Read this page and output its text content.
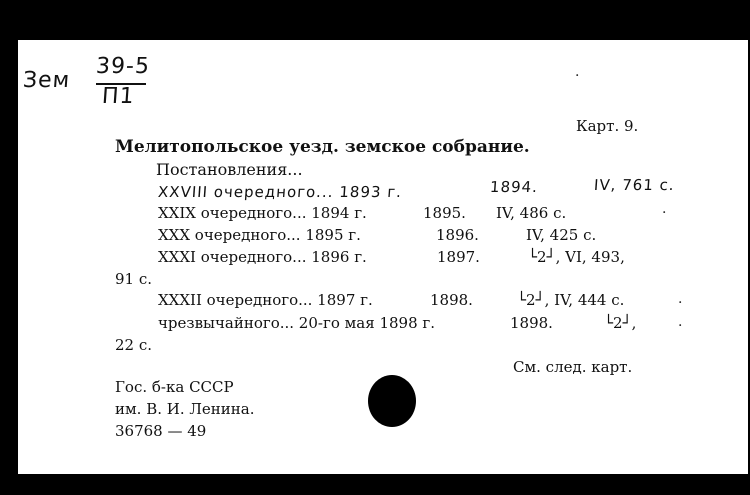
Зем
39-5
П1
Карт. 9.
Мелитопольское уезд. земское собрание.
Постановления...
XXVIII очередного... 1893 г.	1894.	IV, 761 с.
XXIX очередного... 1894 г.	1895. IV, 486 с.
XXX очередного... 1895 г.	1896.	IV, 425 с.
XXXI очередного... 1896 г.	1897.	└2┘, VI, 493,
91 с.
XXXII очередного... 1897 г.	1898.	└2┘, IV, 444 с.
чрезвычайного... 20-го мая 1898 г.	1898.	└2┘,
22 с.
См. след. карт.
Гос. б-ка СССР
им. В. И. Ленина.
36768 — 49
·
·
·
·
